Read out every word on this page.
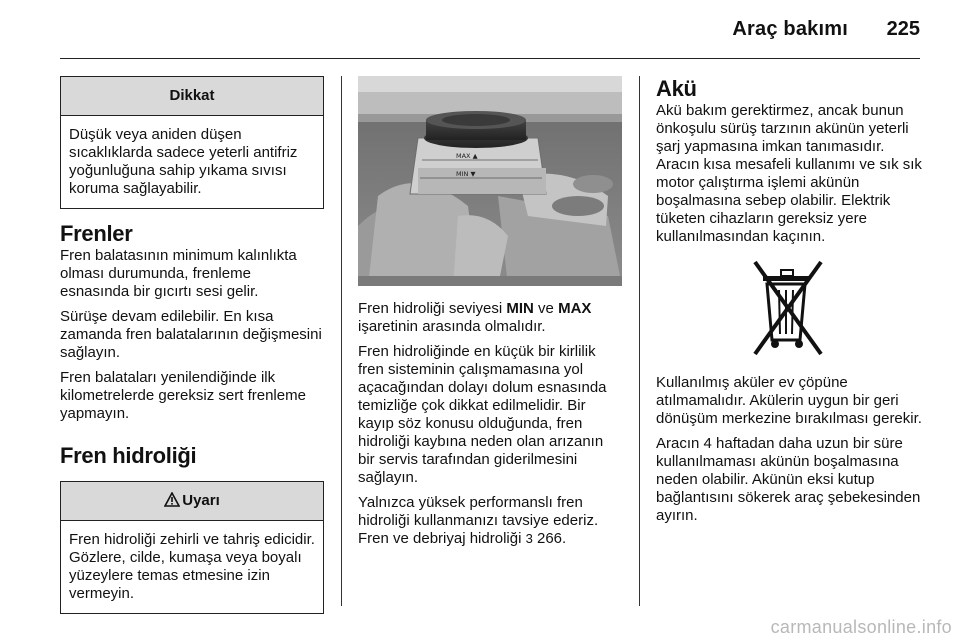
Araç bakımı 225
Dikkat
Düşük veya aniden düşen sıcaklıklarda sadece yeterli antifriz yoğunluğuna sahip yıkama sıvısı koruma sağlayabilir.
Frenler

Fren balatasının minimum kalınlıkta olması durumunda, frenleme esnasında bir gıcırtı sesi gelir.

Sürüşe devam edilebilir. En kısa zamanda fren balatalarının değişmesini sağlayın.

Fren balataları yenilendiğinde ilk kilometrelerde gereksiz sert frenleme yapmayın.

Fren hidroliği
Uyarı
Fren hidroliği zehirli ve tahriş edicidir. Gözlere, cilde, kumaşa veya boyalı yüzeylere temas etmesine izin vermeyin.
MAX ▲
MIN ▼

Fren hidroliği seviyesi MIN ve MAX işaretinin arasında olmalıdır.

Fren hidroliğinde en küçük bir kirlilik fren sisteminin çalışmamasına yol açacağından dolayı dolum esnasında temizliğe çok dikkat edilmelidir. Bir kayıp söz konusu olduğunda, fren hidroliği kaybına neden olan arızanın bir servis tarafından giderilmesini sağlayın.

Yalnızca yüksek performanslı fren hidroliği kullanmanızı tavsiye ederiz. Fren ve debriyaj hidroliği 3 266.

Akü

Akü bakım gerektirmez, ancak bunun önkoşulu sürüş tarzının akünün yeterli şarj yapmasına imkan tanımasıdır. Aracın kısa mesafeli kullanımı ve sık sık motor çalıştırma işlemi akünün boşalmasına sebep olabilir. Elektrik tüketen cihazların gereksiz yere kullanılmasından kaçının.

Kullanılmış aküler ev çöpüne atılmamalıdır. Akülerin uygun bir geri dönüşüm merkezine bırakılması gerekir.

Aracın 4 haftadan daha uzun bir süre kullanılmaması akünün boşalmasına neden olabilir. Akünün eksi kutup bağlantısını sökerek araç şebekesinden ayırın.

carmanualsonline.info
